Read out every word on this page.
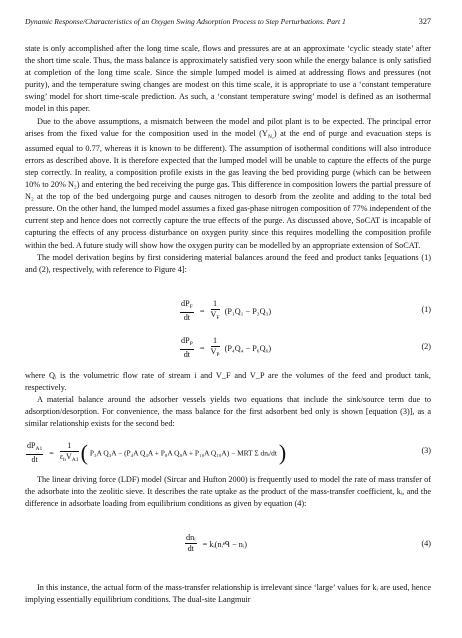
Dynamic Response/Characteristics of an Oxygen Swing Adsorption Process to Step Perturbations. Part 1	327

state is only accomplished after the long time scale, flows and pressures are at an approximate ‘cyclic steady state’ after the short time scale. Thus, the mass balance is approximately satisfied very soon while the energy balance is only satisfied at completion of the long time scale. Since the simple lumped model is aimed at addressing flows and pressures (not purity), and the temperature swing changes are modest on this time scale, it is appropriate to use a ‘constant temperature swing’ model for short time-scale prediction. As such, a ‘constant temperature swing’ model is defined as an isothermal model in this paper.

Due to the above assumptions, a mismatch between the model and pilot plant is to be expected. The principal error arises from the fixed value for the composition used in the model $(Y_{N_2})$ at the end of purge and evacuation steps is assumed equal to 0.77, whereas it is known to be different). The assumption of isothermal conditions will also introduce errors as described above. It is therefore expected that the lumped model will be unable to capture the effects of the purge step correctly. In reality, a composition profile exists in the gas leaving the bed providing purge (which can be between 10% to 20% N₂) and entering the bed receiving the purge gas. This difference in composition lowers the partial pressure of N₂ at the top of the bed undergoing purge and causes nitrogen to desorb from the zeolite and adding to the total bed pressure. On the other hand, the lumped model assumes a fixed gas-phase nitrogen composition of 77% independent of the current step and hence does not correctly capture the true effects of the purge. As discussed above, SoCAT is incapable of capturing the effects of any process disturbance on oxygen purity since this requires modelling the composition profile within the bed. A future study will show how the oxygen purity can be modelled by an appropriate extension of SoCAT.

The model derivation begins by first considering material balances around the feed and product tanks [equations (1) and (2), respectively, with reference to Figure 4]:

$\frac{dP_F}{dt} = \frac{1}{V_F} (P_1Q_1 - P_3Q_3)$	(1)
$\frac{dP_P}{dt} = \frac{1}{V_P} (P_4Q_4 - P_6Q_6)$	(2)

where Qᵢ is the volumetric flow rate of stream i and V_F and V_P are the volumes of the feed and product tank, respectively.

A material balance around the adsorber vessels yields two equations that include the sink/source term due to adsorption/desorption. For convenience, the mass balance for the first adsorbent bed only is shown [equation (3)], as a similar relationship exists for the second bed:

$\frac{dP_{A1}}{dt} = \frac{1}{\varepsilon_bV_{A1}}$ ( P₃A Q₃A − (P₄A Q₄A + P₈A Q₈A + P₁₀A Q₁₀A) − MRT Σ dnᵢ/dt )	(3)

The linear driving force (LDF) model (Sircar and Hufton 2000) is frequently used to model the rate of mass transfer of the adsorbate into the zeolitic sieve. It describes the rate uptake as the product of the mass-transfer coefficient, kᵢ, and the difference in adsorbate loading from equilibrium conditions as given by equation (4):

$\frac{\text{dnᵢ}}{dt}$ = kᵢ(nᵢᵉᑫ − nᵢ)	(4)

In this instance, the actual form of the mass-transfer relationship is irrelevant since ‘large’ values for kᵢ are used, hence implying essentially equilibrium conditions. The dual-site Langmuir
